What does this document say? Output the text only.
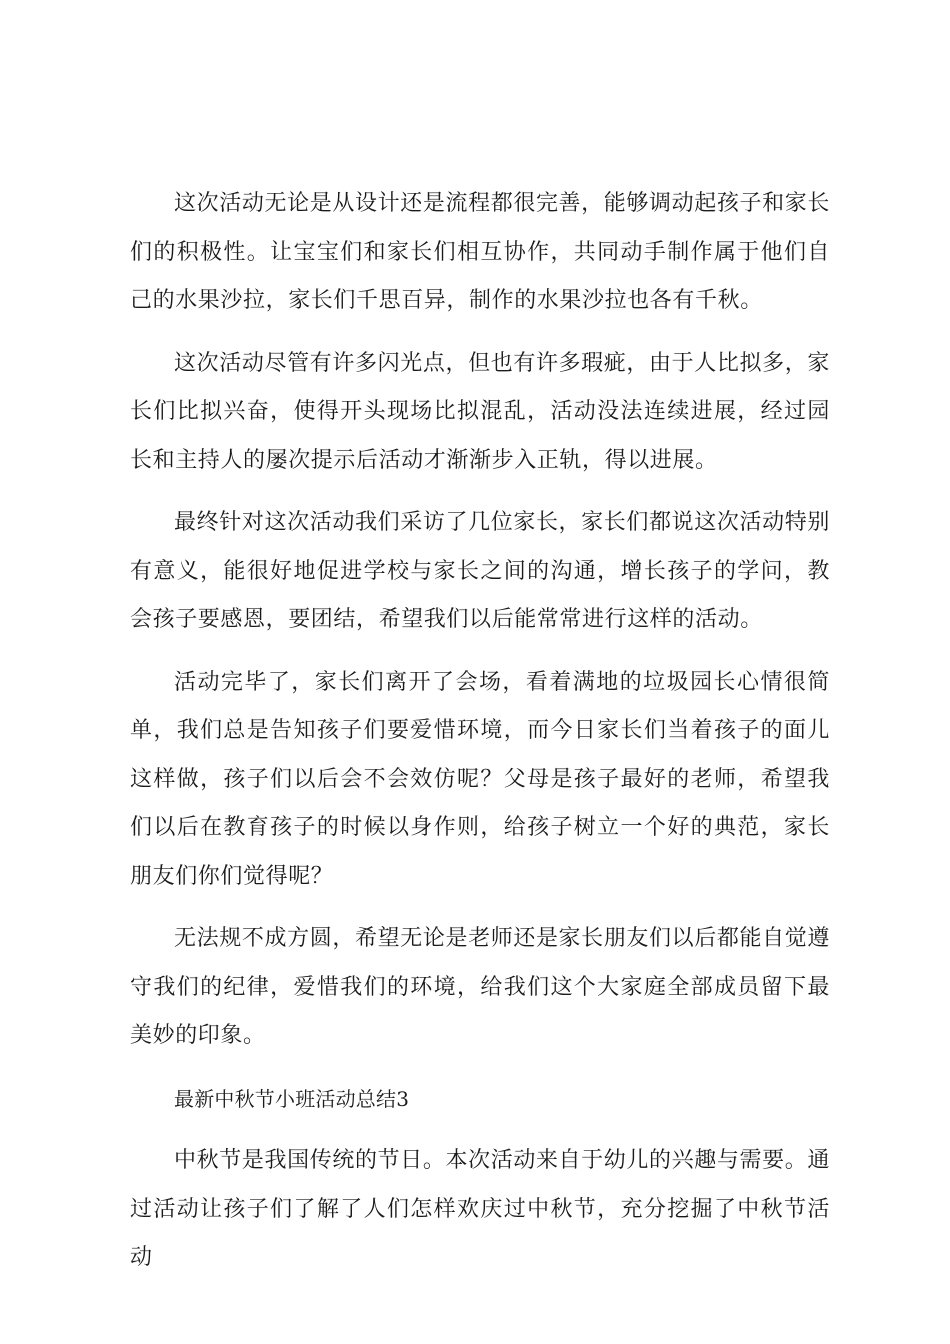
这次活动无论是从设计还是流程都很完善，能够调动起孩子和家长们的积极性。让宝宝们和家长们相互协作，共同动手制作属于他们自己的水果沙拉，家长们千思百异，制作的水果沙拉也各有千秋。

这次活动尽管有许多闪光点，但也有许多瑕疵，由于人比拟多，家长们比拟兴奋，使得开头现场比拟混乱，活动没法连续进展，经过园长和主持人的屡次提示后活动才渐渐步入正轨，得以进展。

最终针对这次活动我们采访了几位家长，家长们都说这次活动特别有意义，能很好地促进学校与家长之间的沟通，增长孩子的学问，教会孩子要感恩，要团结，希望我们以后能常常进行这样的活动。

活动完毕了，家长们离开了会场，看着满地的垃圾园长心情很简单，我们总是告知孩子们要爱惜环境，而今日家长们当着孩子的面儿这样做，孩子们以后会不会效仿呢？父母是孩子最好的老师，希望我们以后在教育孩子的时候以身作则，给孩子树立一个好的典范，家长朋友们你们觉得呢？

无法规不成方圆，希望无论是老师还是家长朋友们以后都能自觉遵守我们的纪律，爱惜我们的环境，给我们这个大家庭全部成员留下最美妙的印象。

最新中秋节小班活动总结3

中秋节是我国传统的节日。本次活动来自于幼儿的兴趣与需要。通过活动让孩子们了解了人们怎样欢庆过中秋节，充分挖掘了中秋节活动
